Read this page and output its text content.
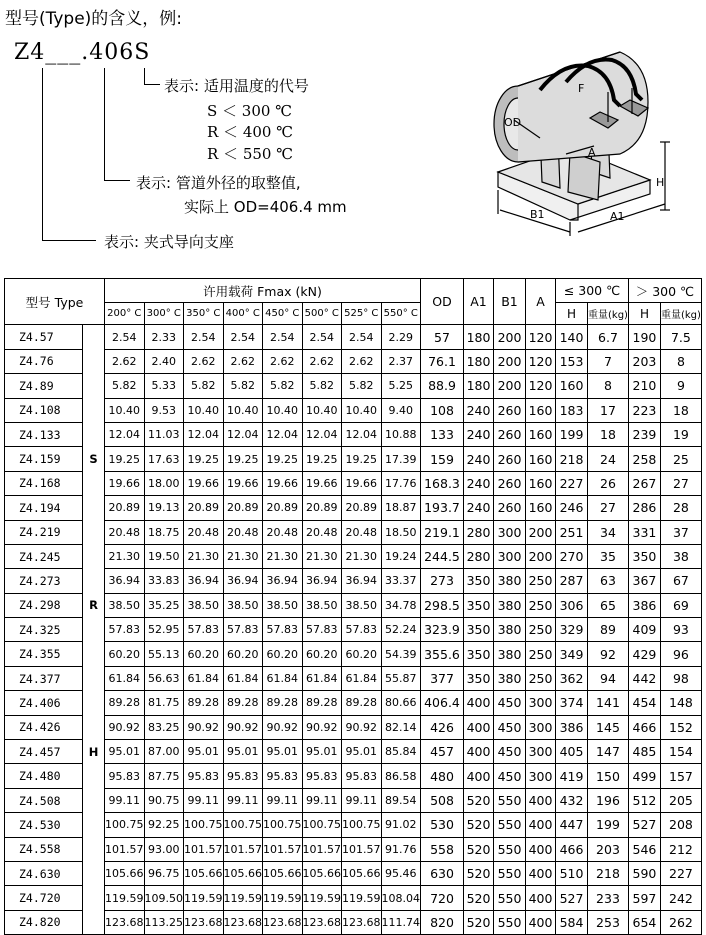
型号(Type)的含义，例:
Z4___.406S
表示: 适用温度的代号
S ＜ 300 ℃
R ＜ 400 ℃
R ＜ 550 ℃
表示: 管道外径的取整值,
实际上 OD=406.4 mm
表示: 夹式导向支座
OD
F
A
H
B1	A1
型号 Type		许用载荷 Fmax (kN)								OD	A1	B1	A	≤ 300 ℃		＞ 300 ℃	
		200° C	300° C	350° C	400° C	450° C	500° C	525° C	550° C					H	重量(kg)	H	重量(kg)
Z4.57		2.54	2.33	2.54	2.54	2.54	2.54	2.54	2.29	57	180	200	120	140	6.7	190	7.5
Z4.76		2.62	2.40	2.62	2.62	2.62	2.62	2.62	2.37	76.1	180	200	120	153	7	203	8
Z4.89		5.82	5.33	5.82	5.82	5.82	5.82	5.82	5.25	88.9	180	200	120	160	8	210	9
Z4.108		10.40	9.53	10.40	10.40	10.40	10.40	10.40	9.40	108	240	260	160	183	17	223	18
Z4.133		12.04	11.03	12.04	12.04	12.04	12.04	12.04	10.88	133	240	260	160	199	18	239	19
Z4.159	S	19.25	17.63	19.25	19.25	19.25	19.25	19.25	17.39	159	240	260	160	218	24	258	25
Z4.168		19.66	18.00	19.66	19.66	19.66	19.66	19.66	17.76	168.3	240	260	160	227	26	267	27
Z4.194		20.89	19.13	20.89	20.89	20.89	20.89	20.89	18.87	193.7	240	260	160	246	27	286	28
Z4.219		20.48	18.75	20.48	20.48	20.48	20.48	20.48	18.50	219.1	280	300	200	251	34	331	37
Z4.245		21.30	19.50	21.30	21.30	21.30	21.30	21.30	19.24	244.5	280	300	200	270	35	350	38
Z4.273		36.94	33.83	36.94	36.94	36.94	36.94	36.94	33.37	273	350	380	250	287	63	367	67
Z4.298	R	38.50	35.25	38.50	38.50	38.50	38.50	38.50	34.78	298.5	350	380	250	306	65	386	69
Z4.325		57.83	52.95	57.83	57.83	57.83	57.83	57.83	52.24	323.9	350	380	250	329	89	409	93
Z4.355		60.20	55.13	60.20	60.20	60.20	60.20	60.20	54.39	355.6	350	380	250	349	92	429	96
Z4.377		61.84	56.63	61.84	61.84	61.84	61.84	61.84	55.87	377	350	380	250	362	94	442	98
Z4.406		89.28	81.75	89.28	89.28	89.28	89.28	89.28	80.66	406.4	400	450	300	374	141	454	148
Z4.426		90.92	83.25	90.92	90.92	90.92	90.92	90.92	82.14	426	400	450	300	386	145	466	152
Z4.457	H	95.01	87.00	95.01	95.01	95.01	95.01	95.01	85.84	457	400	450	300	405	147	485	154
Z4.480		95.83	87.75	95.83	95.83	95.83	95.83	95.83	86.58	480	400	450	300	419	150	499	157
Z4.508		99.11	90.75	99.11	99.11	99.11	99.11	99.11	89.54	508	520	550	400	432	196	512	205
Z4.530		100.75	92.25	100.75	100.75	100.75	100.75	100.75	91.02	530	520	550	400	447	199	527	208
Z4.558		101.57	93.00	101.57	101.57	101.57	101.57	101.57	91.76	558	520	550	400	466	203	546	212
Z4.630		105.66	96.75	105.66	105.66	105.66	105.66	105.66	95.46	630	520	550	400	510	218	590	227
Z4.720		119.59	109.50	119.59	119.59	119.59	119.59	119.59	108.04	720	520	550	400	527	233	597	242
Z4.820		123.68	113.25	123.68	123.68	123.68	123.68	123.68	111.74	820	520	550	400	584	253	654	262
